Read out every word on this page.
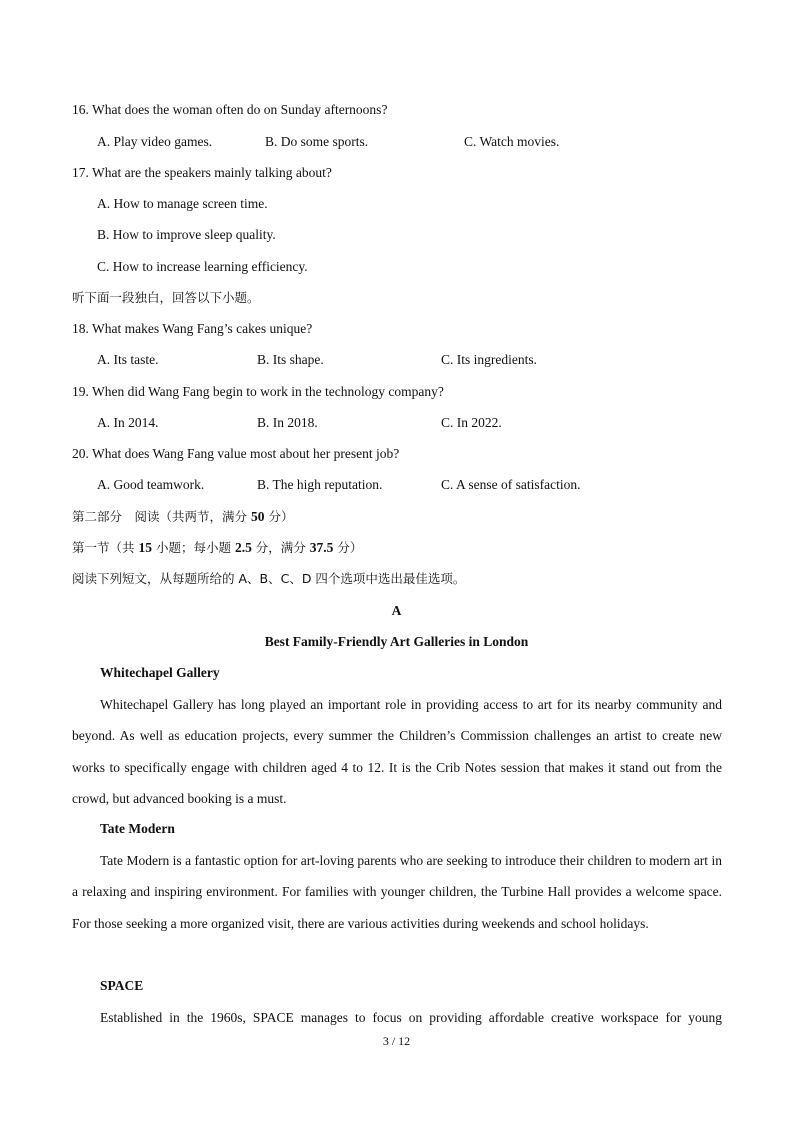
16. What does the woman often do on Sunday afternoons?
A. Play video games.	B. Do some sports.	C. Watch movies.
17. What are the speakers mainly talking about?
A. How to manage screen time.
B. How to improve sleep quality.
C. How to increase learning efficiency.
听下面一段独白，回答以下小题。
18. What makes Wang Fang’s cakes unique?
A. Its taste.	B. Its shape.	C. Its ingredients.
19. When did Wang Fang begin to work in the technology company?
A. In 2014.	B. In 2018.	C. In 2022.
20. What does Wang Fang value most about her present job?
A. Good teamwork.	B. The high reputation.	C. A sense of satisfaction.
第二部分　阅读（共两节，满分 50 分）
第一节（共 15 小题；每小题 2.5 分，满分 37.5 分）
阅读下列短文，从每题所给的 A、B、C、D 四个选项中选出最佳选项。
A
Best Family-Friendly Art Galleries in London
Whitechapel Gallery
Whitechapel Gallery has long played an important role in providing access to art for its nearby community and beyond. As well as education projects, every summer the Children’s Commission challenges an artist to create new works to specifically engage with children aged 4 to 12. It is the Crib Notes session that makes it stand out from the crowd, but advanced booking is a must.
Tate Modern
Tate Modern is a fantastic option for art-loving parents who are seeking to introduce their children to modern art in a relaxing and inspiring environment. For families with younger children, the Turbine Hall provides a welcome space. For those seeking a more organized visit, there are various activities during weekends and school holidays.
SPACE
Established in the 1960s, SPACE manages to focus on providing affordable creative workspace for young
3 / 12
